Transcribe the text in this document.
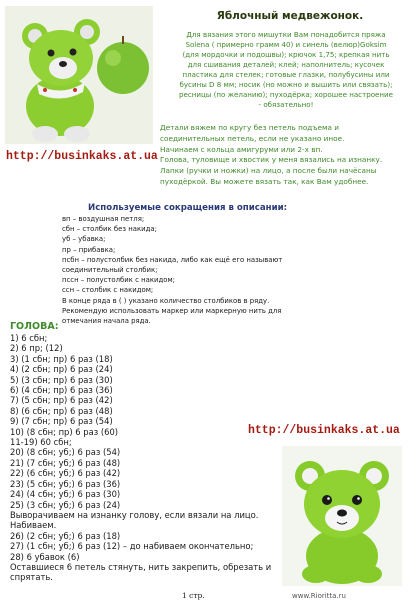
Яблочный медвежонок.
Для вязания этого мишутки Вам понадобится пряжа
Solena ( примерно грамм 40) и синель (велюр)Goksim
(для мордочки и подошвы); крючок 1,75; крепкая нить
для сшивания деталей; клей; наполнитель; кусочек
пластика для стелек; готовые глазки, полубусины или
бусины D 8 мм; носик (но можно и вышить или связать);
ресницы (по желанию); пуходёрка; хорошее настроение
- обязательно!
Детали вяжем по кругу без петель подъема и
соединительных петель, если не указано иное.
Начинаем с кольца амигуруми или 2-х вп.
Голова, туловище и хвостик у меня вязались на изнанку.
Лапки (ручки и ножки) на лицо, а после были начёсаны
пуходёркой. Вы можете вязать так, как Вам удобнее.
http://businkaks.at.ua
Используемые сокращения в описании:
вп – воздушная петля;
сбн – столбик без накида;
уб – убавка;
пр – прибавка;
псбн – полустолбик без накида, либо как ещё его называют
соединительный столбик;
пссн – полустолбик с накидом;
ссн – столбик с накидом;
В конце ряда в ( ) указано количество столбиков в ряду.
Рекомендую использовать маркер или маркерную нить для
отмечания начала ряда.
ГОЛОВА:
1) 6 сбн;
2) 6 пр; (12)
3) (1 сбн; пр) 6 раз (18)
4) (2 сбн; пр) 6 раз (24)
5) (3 сбн; пр) 6 раз (30)
6) (4 сбн; пр) 6 раз (36)
7) (5 сбн; пр) 6 раз (42)
8) (6 сбн; пр) 6 раз (48)
9) (7 сбн; пр) 6 раз (54)
10) (8 сбн; пр) 6 раз (60)
11-19) 60 сбн;
20) (8 сбн; уб;) 6 раз (54)
21) (7 сбн; уб;) 6 раз (48)
22) (6 сбн; уб;) 6 раз (42)
23) (5 сбн; уб;) 6 раз (36)
24) (4 сбн; уб;) 6 раз (30)
25) (3 сбн; уб;) 6 раз (24)
Выворачиваем на изнанку голову, если вязали на лицо.
Набиваем.
26) (2 сбн; уб;) 6 раз (18)
27) (1 сбн; уб;) 6 раз (12) – до набиваем окончательно;
28) 6 убавок (6)
Оставшиеся 6 петель стянуть, нить закрепить, обрезать и
спрятать.
http://businkaks.at.ua
1 стр.	www.Rioritta.ru
